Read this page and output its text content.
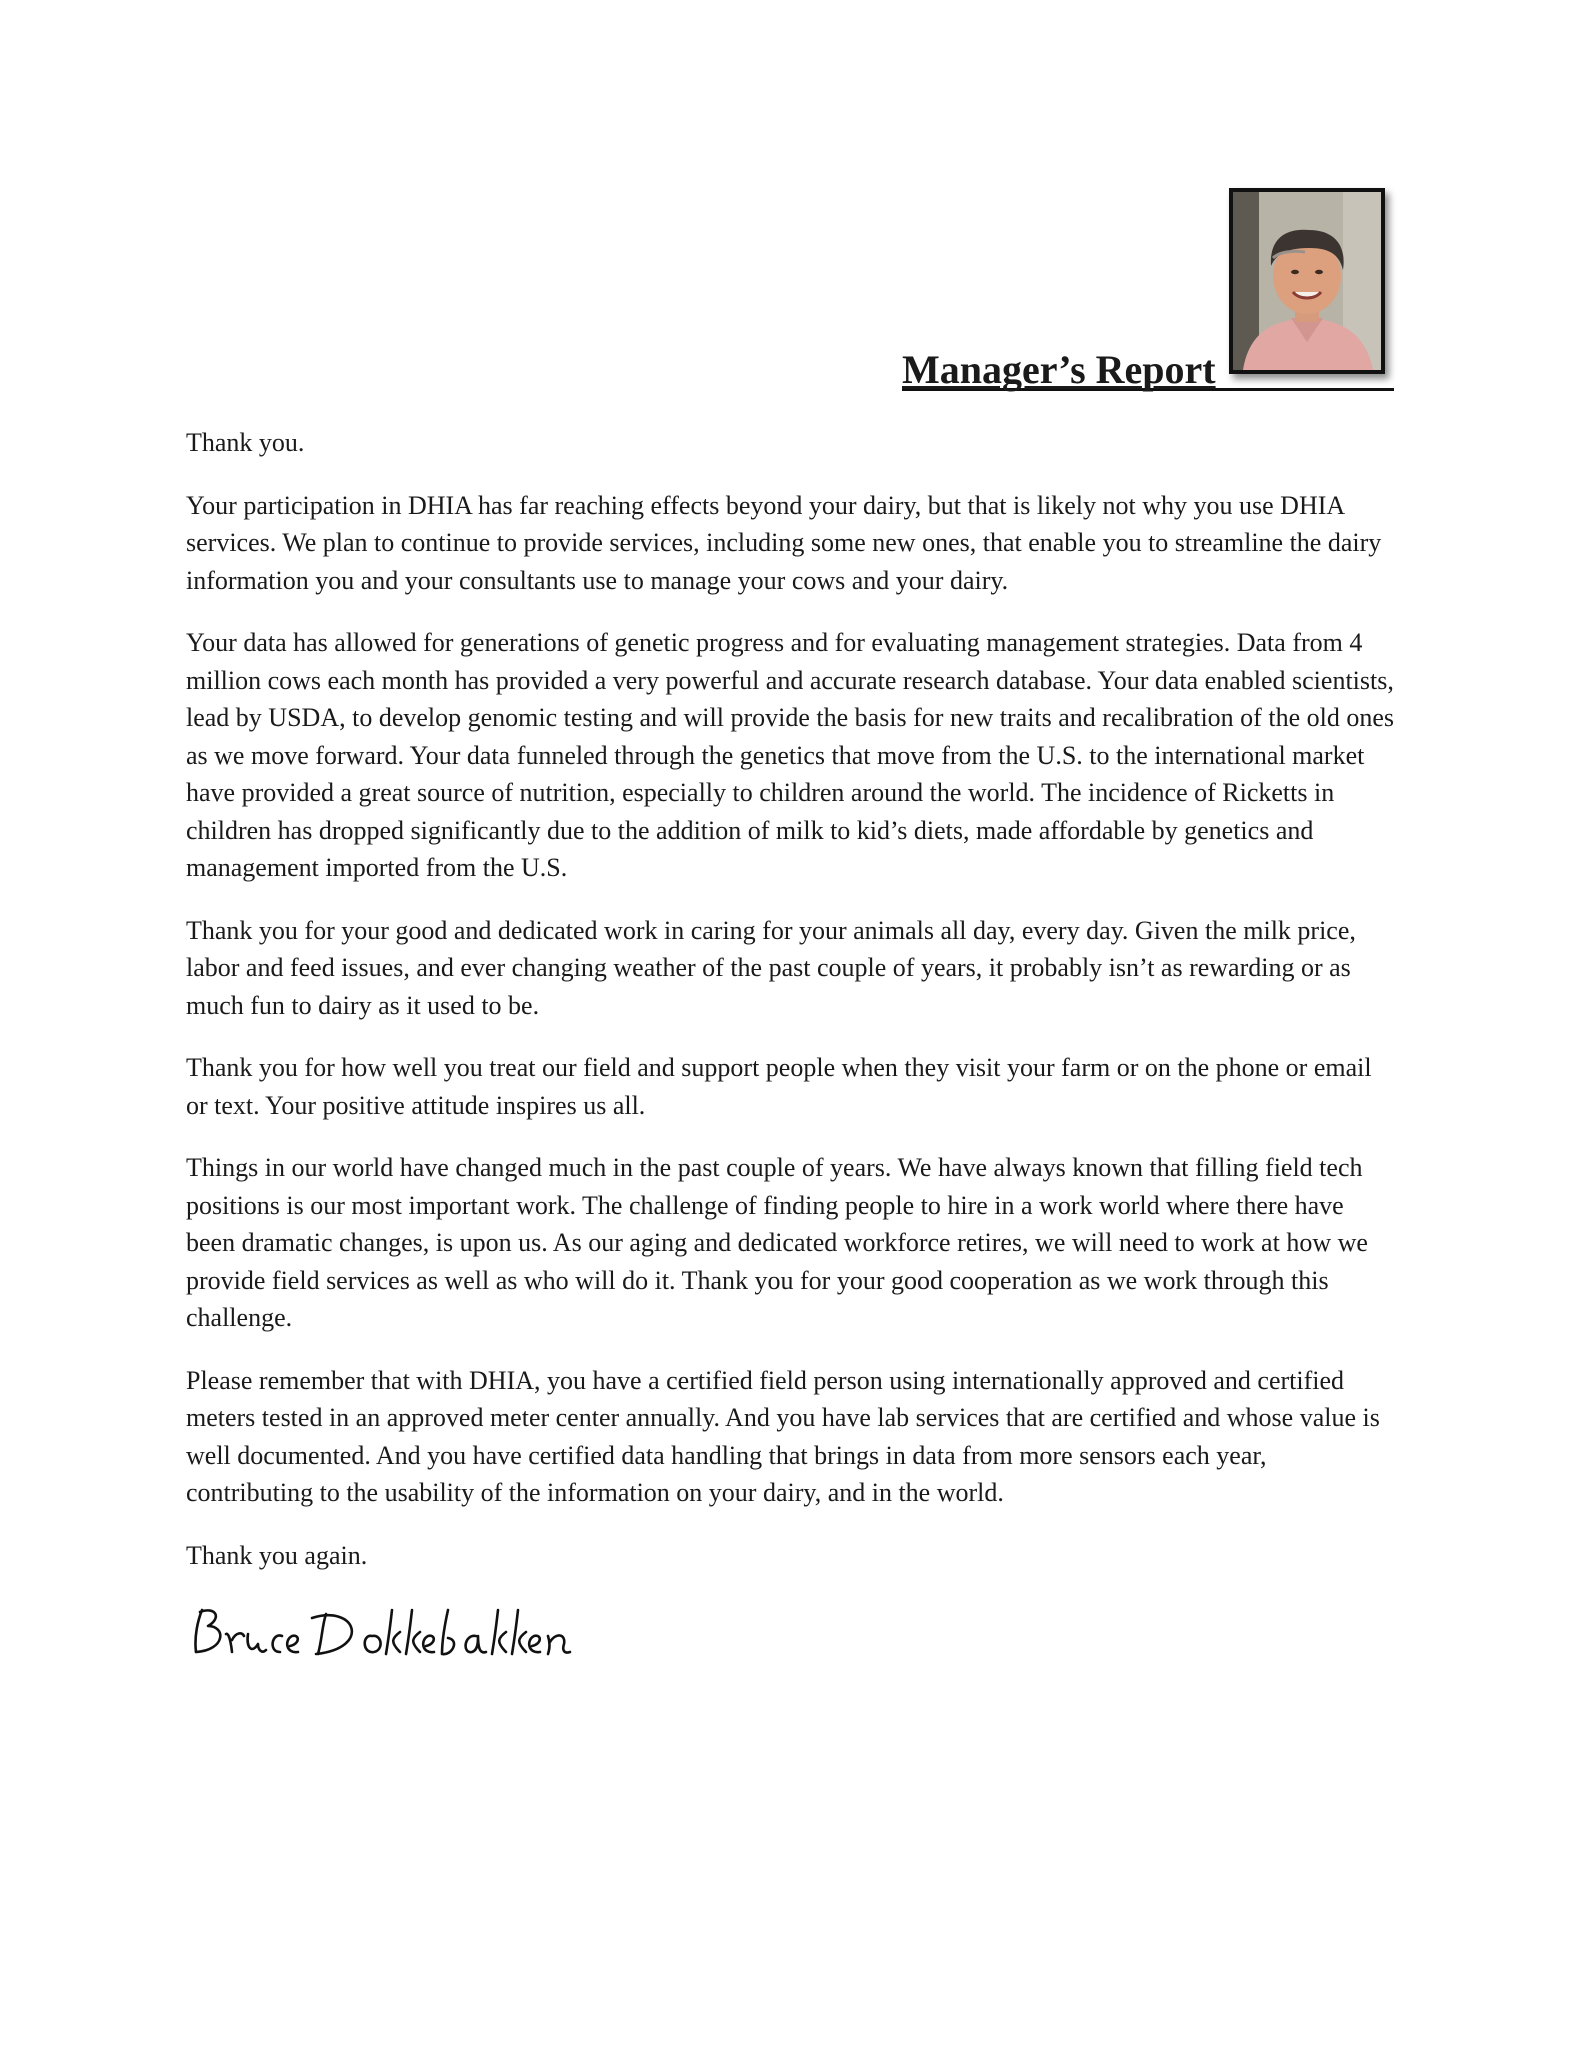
Manager’s Report

Thank you.

Your participation in DHIA has far reaching effects beyond your dairy, but that is likely not why you use DHIA services. We plan to continue to provide services, including some new ones, that enable you to streamline the dairy information you and your consultants use to manage your cows and your dairy.

Your data has allowed for generations of genetic progress and for evaluating management strategies. Data from 4 million cows each month has provided a very powerful and accurate research database. Your data enabled scientists, lead by USDA, to develop genomic testing and will provide the basis for new traits and recalibration of the old ones as we move forward. Your data funneled through the genetics that move from the U.S. to the international market have provided a great source of nutrition, especially to children around the world. The incidence of Ricketts in children has dropped significantly due to the addition of milk to kid’s diets, made affordable by genetics and management imported from the U.S.

Thank you for your good and dedicated work in caring for your animals all day, every day. Given the milk price, labor and feed issues, and ever changing weather of the past couple of years, it probably isn’t as rewarding or as much fun to dairy as it used to be.

Thank you for how well you treat our field and support people when they visit your farm or on the phone or email or text. Your positive attitude inspires us all.

Things in our world have changed much in the past couple of years. We have always known that filling field tech positions is our most important work. The challenge of finding people to hire in a work world where there have been dramatic changes, is upon us. As our aging and dedicated workforce retires, we will need to work at how we provide field services as well as who will do it. Thank you for your good cooperation as we work through this challenge.

Please remember that with DHIA, you have a certified field person using internationally approved and certified meters tested in an approved meter center annually. And you have lab services that are certified and whose value is well documented. And you have certified data handling that brings in data from more sensors each year, contributing to the usability of the information on your dairy, and in the world.

Thank you again.
